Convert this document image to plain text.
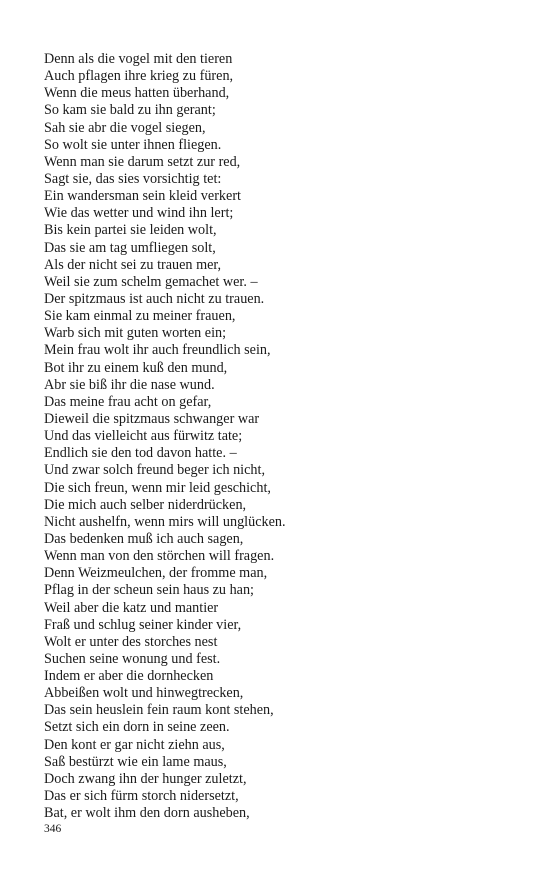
Denn als die vogel mit den tieren
Auch pflagen ihre krieg zu füren,
Wenn die meus hatten überhand,
So kam sie bald zu ihn gerant;
Sah sie abr die vogel siegen,
So wolt sie unter ihnen fliegen.
Wenn man sie darum setzt zur red,
Sagt sie, das sies vorsichtig tet:
Ein wandersman sein kleid verkert
Wie das wetter und wind ihn lert;
Bis kein partei sie leiden wolt,
Das sie am tag umfliegen solt,
Als der nicht sei zu trauen mer,
Weil sie zum schelm gemachet wer. –
Der spitzmaus ist auch nicht zu trauen.
Sie kam einmal zu meiner frauen,
Warb sich mit guten worten ein;
Mein frau wolt ihr auch freundlich sein,
Bot ihr zu einem kuß den mund,
Abr sie biß ihr die nase wund.
Das meine frau acht on gefar,
Dieweil die spitzmaus schwanger war
Und das vielleicht aus fürwitz tate;
Endlich sie den tod davon hatte. –
Und zwar solch freund beger ich nicht,
Die sich freun, wenn mir leid geschicht,
Die mich auch selber niderdrücken,
Nicht aushelfn, wenn mirs will unglücken.
Das bedenken muß ich auch sagen,
Wenn man von den störchen will fragen.
Denn Weizmeulchen, der fromme man,
Pflag in der scheun sein haus zu han;
Weil aber die katz und mantier
Fraß und schlug seiner kinder vier,
Wolt er unter des storches nest
Suchen seine wonung und fest.
Indem er aber die dornhecken
Abbeißen wolt und hinwegtrecken,
Das sein heuslein fein raum kont stehen,
Setzt sich ein dorn in seine zeen.
Den kont er gar nicht ziehn aus,
Saß bestürzt wie ein lame maus,
Doch zwang ihn der hunger zuletzt,
Das er sich fürm storch nidersetzt,
Bat, er wolt ihm den dorn ausheben,
346
